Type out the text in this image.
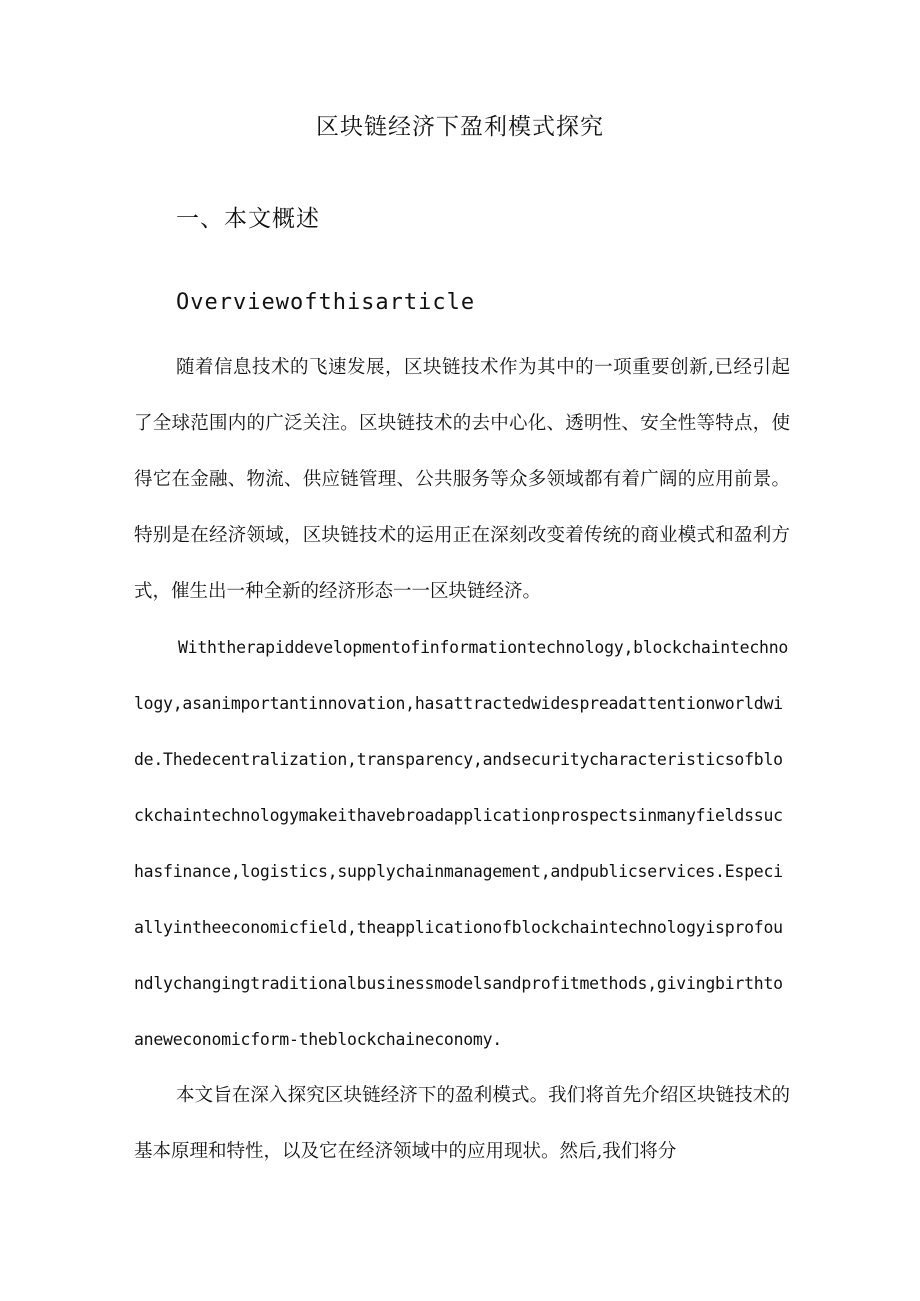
区块链经济下盈利模式探究
一、本文概述
Overviewofthisarticle

随着信息技术的飞速发展，区块链技术作为其中的一项重要创新,已经引起了全球范围内的广泛关注。区块链技术的去中心化、透明性、安全性等特点，使得它在金融、物流、供应链管理、公共服务等众多领域都有着广阔的应用前景。特别是在经济领域，区块链技术的运用正在深刻改变着传统的商业模式和盈利方式，催生出一种全新的经济形态一一区块链经济。

Withtherapiddevelopmentofinformationtechnology,blockchaintechnology,asanimportantinnovation,hasattractedwidespreadattentionworldwide.Thedecentralization,transparency,andsecuritycharacteristicsofblockchaintechnologymakeithavebroadapplicationprospectsinmanyfieldssuchasfinance,logistics,supplychainmanagement,andpublicservices.Especiallyintheeconomicfield,theapplicationofblockchaintechnologyisprofoundlychangingtraditionalbusinessmodelsandprofitmethods,givingbirthtoaneweconomicform-theblockchaineconomy.

本文旨在深入探究区块链经济下的盈利模式。我们将首先介绍区块链技术的基本原理和特性，以及它在经济领域中的应用现状。然后,我们将分
